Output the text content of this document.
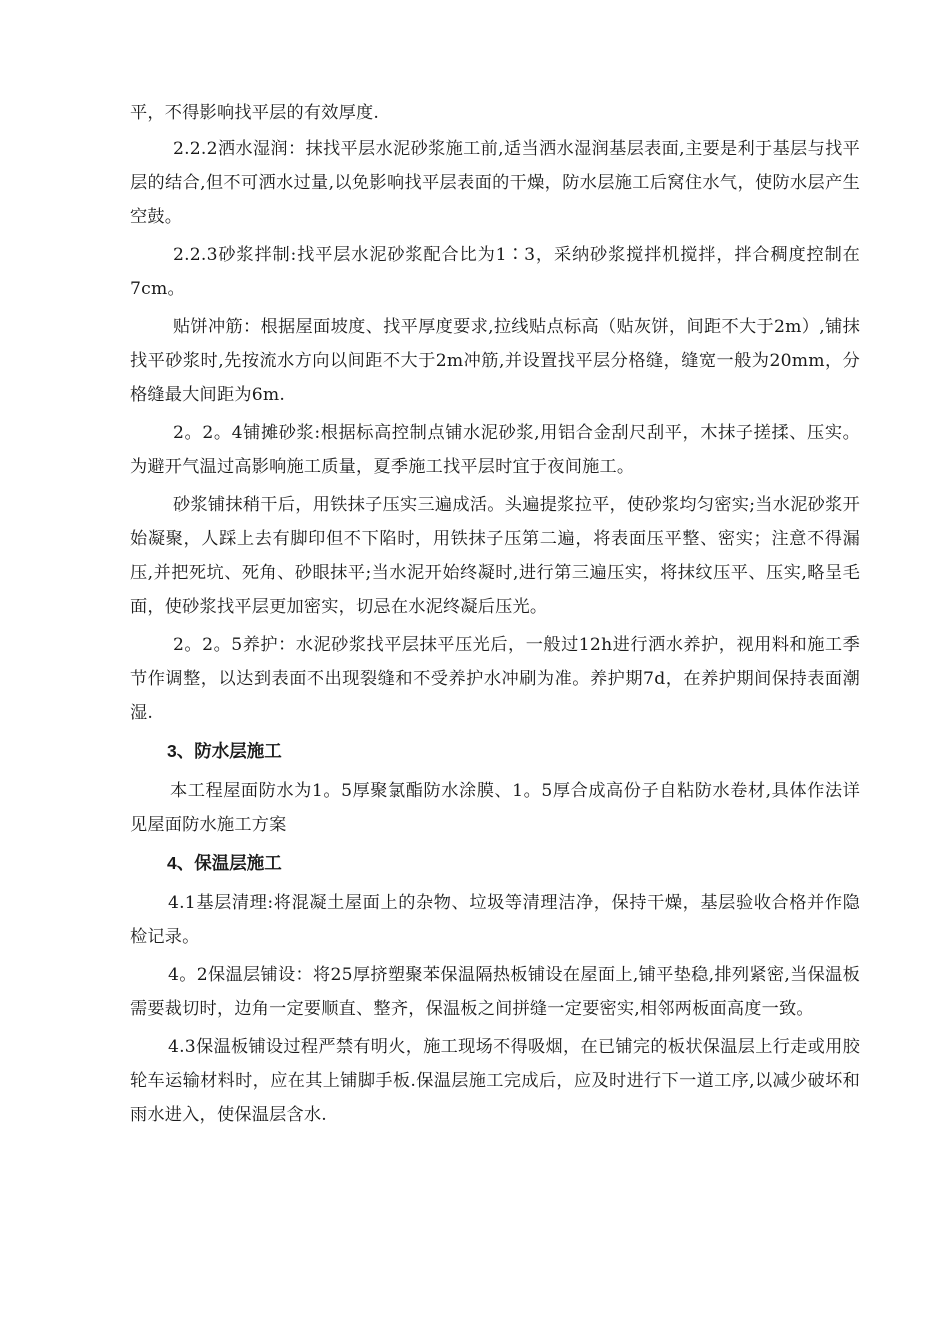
平，不得影响找平层的有效厚度.

2.2.2洒水湿润：抹找平层水泥砂浆施工前,适当洒水湿润基层表面,主要是利于基层与找平层的结合,但不可洒水过量,以免影响找平层表面的干燥，防水层施工后窝住水气，使防水层产生空鼓。

2.2.3砂浆拌制:找平层水泥砂浆配合比为1∶3，采纳砂浆搅拌机搅拌，拌合稠度控制在7cm。

贴饼冲筋：根据屋面坡度、找平厚度要求,拉线贴点标高（贴灰饼，间距不大于2m）,铺抹找平砂浆时,先按流水方向以间距不大于2m冲筋,并设置找平层分格缝，缝宽一般为20mm，分格缝最大间距为6m.

2。2。4铺摊砂浆:根据标高控制点铺水泥砂浆,用铝合金刮尺刮平，木抹子搓揉、压实。为避开气温过高影响施工质量，夏季施工找平层时宜于夜间施工。

砂浆铺抹稍干后，用铁抹子压实三遍成活。头遍提浆拉平，使砂浆均匀密实;当水泥砂浆开始凝聚，人踩上去有脚印但不下陷时，用铁抹子压第二遍，将表面压平整、密实；注意不得漏压,并把死坑、死角、砂眼抹平;当水泥开始终凝时,进行第三遍压实，将抹纹压平、压实,略呈毛面，使砂浆找平层更加密实，切忌在水泥终凝后压光。

2。2。5养护：水泥砂浆找平层抹平压光后，一般过12h进行洒水养护，视用料和施工季节作调整，以达到表面不出现裂缝和不受养护水冲刷为准。养护期7d，在养护期间保持表面潮湿.

3、防水层施工

本工程屋面防水为1。5厚聚氯酯防水涂膜、1。5厚合成高份子自粘防水卷材,具体作法详见屋面防水施工方案

4、保温层施工

4.1基层清理:将混凝土屋面上的杂物、垃圾等清理洁净，保持干燥，基层验收合格并作隐检记录。

4。2保温层铺设：将25厚挤塑聚苯保温隔热板铺设在屋面上,铺平垫稳,排列紧密,当保温板需要裁切时，边角一定要顺直、整齐，保温板之间拼缝一定要密实,相邻两板面高度一致。

4.3保温板铺设过程严禁有明火，施工现场不得吸烟，在已铺完的板状保温层上行走或用胶轮车运输材料时，应在其上铺脚手板.保温层施工完成后，应及时进行下一道工序,以减少破坏和雨水进入，使保温层含水.
